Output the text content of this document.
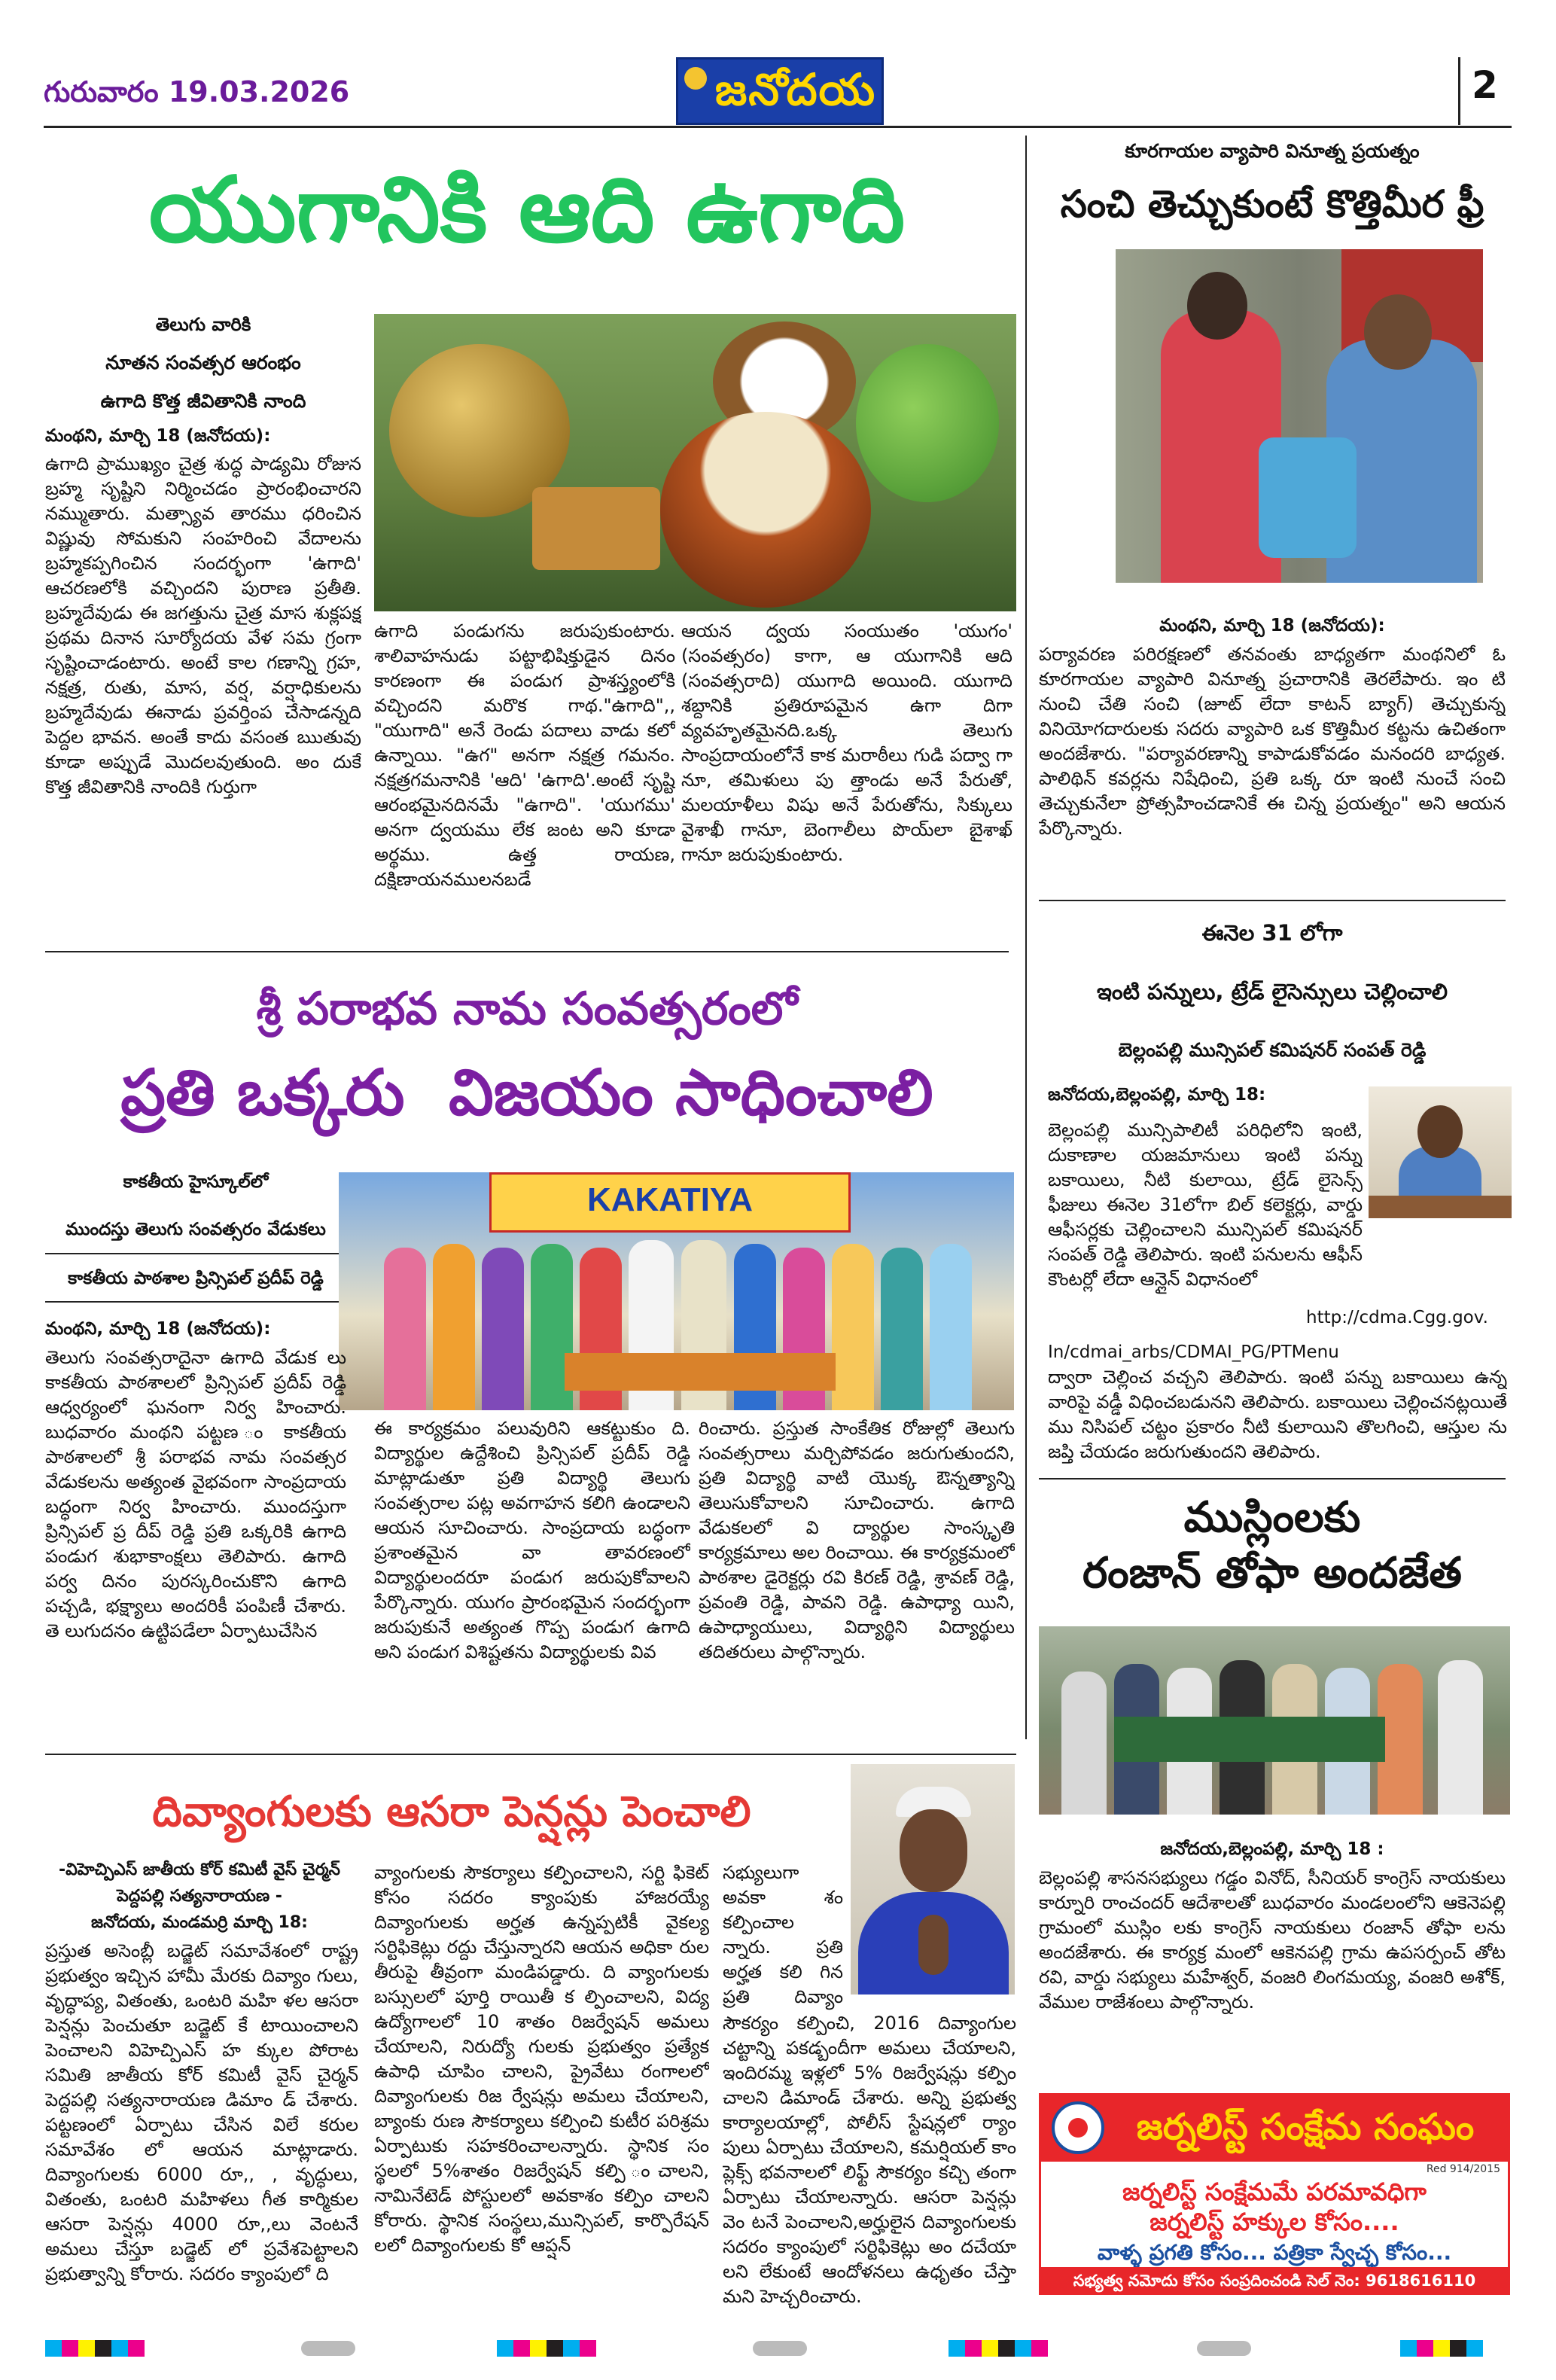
గురువారం 19.03.2026	జనోదయ	2
యుగానికి ఆది ఉగాది
తెలుగు వారికి
నూతన సంవత్సర ఆరంభం
ఉగాది కొత్త జీవితానికి నాంది
మంథని, మార్చి 18 (జనోదయ):
ఉగాది ప్రాముఖ్యం చైత్ర శుద్ధ పాడ్యమి రోజున బ్రహ్మ సృష్టిని నిర్మించడం ప్రారంభించారని నమ్ముతారు. మత్స్యావ తారము ధరించిన విష్ణువు సోమకుని సంహరించి వేదాలను బ్రహ్మకప్పగించిన సందర్భంగా 'ఉగాది' ఆచరణలోకి వచ్చిందని పురాణ ప్రతీతి. బ్రహ్మదేవుడు ఈ జగత్తును చైత్ర మాస శుక్లపక్ష ప్రథమ దినాన సూర్యోదయ వేళ సమ గ్రంగా సృష్టించాడంటారు. అంటే కాల గణాన్ని గ్రహ, నక్షత్ర, రుతు, మాస, వర్ష, వర్షాధికులను బ్రహ్మదేవుడు ఈనాడు ప్రవర్తింప చేసాడన్నది పెద్దల భావన. అంతే కాదు వసంత ఋతువు కూడా అప్పుడే మొదలవుతుంది. అం దుకే కొత్త జీవితానికి నాందికి గుర్తుగా
ఉగాది పండుగను జరుపుకుంటారు. శాలివాహనుడు పట్టాభిషిక్తుడైన దినం కారణంగా ఈ పండుగ ప్రాశస్త్యంలోకి వచ్చిందని మరొక గాథ."ఉగాది",, "యుగాది" అనే రెండు పదాలు వాడు కలో ఉన్నాయి. "ఉగ" అనగా నక్షత్ర గమనం. నక్షత్రగమనానికి 'ఆది' 'ఉగాది'.అంటే సృష్టి ఆరంభమైనదినమే "ఉగాది". 'యుగము' అనగా ద్వయము లేక జంట అని కూడా అర్థము. ఉత్త రాయణ, దక్షిణాయనములనబడే
ఆయన ద్వయ సంయుతం 'యుగం' (సంవత్సరం) కాగా, ఆ యుగానికి ఆది (సంవత్సరాది) యుగాది అయింది. యుగాది శబ్దానికి ప్రతిరూపమైన ఉగా దిగా వ్యవహృతమైనది.ఒక్క తెలుగు సాంప్రదాయంలోనే కాక మరాఠీలు గుడి పద్వా గా నూ, తమిళులు పు త్తాండు అనే పేరుతో, మలయాళీలు విషు అనే పేరుతోను, సిక్కులు వైశాఖీ గానూ, బెంగాలీలు పొయ్‌లా బైశాఖ్ గానూ జరుపుకుంటారు.
కూరగాయల వ్యాపారి వినూత్న ప్రయత్నం
సంచి తెచ్చుకుంటే కొత్తిమీర ఫ్రీ
మంథని, మార్చి 18 (జనోదయ):
పర్యావరణ పరిరక్షణలో తనవంతు బాధ్యతగా మంథనిలో ఓ కూరగాయల వ్యాపారి వినూత్న ప్రచారానికి తెరలేపారు. ఇం టి నుంచి చేతి సంచి (జూట్ లేదా కాటన్ బ్యాగ్) తెచ్చుకున్న వినియోగదారులకు సదరు వ్యాపారి ఒక కొత్తిమీర కట్టను ఉచితంగా అందజేశారు. "పర్యావరణాన్ని కాపాడుకోవడం మనందరి బాధ్యత. పాలిథిన్ కవర్లను నిషేధించి, ప్రతి ఒక్క రూ ఇంటి నుంచే సంచి తెచ్చుకునేలా ప్రోత్సహించడానికే ఈ చిన్న ప్రయత్నం" అని ఆయన పేర్కొన్నారు.
ఈనెల 31 లోగా
ఇంటి పన్నులు, ట్రేడ్ లైసెన్సులు చెల్లించాలి
బెల్లంపల్లి మున్సిపల్ కమిషనర్ సంపత్ రెడ్డి
జనోదయ,బెల్లంపల్లి, మార్చి 18:
బెల్లంపల్లి మున్సిపాలిటీ పరిధిలోని ఇంటి, దుకాణాల యజమానులు ఇంటి పన్ను బకాయిలు, నీటి కులాయి, ట్రేడ్ లైసెన్స్ ఫీజులు ఈనెల 31లోగా బిల్ కలెక్టర్లు, వార్డు ఆఫీసర్లకు చెల్లించాలని మున్సిపల్ కమిషనర్ సంపత్ రెడ్డి తెలిపారు. ఇంటి పనులను ఆఫీస్ కౌంటర్లో లేదా ఆన్లైన్ విధానంలో
http://cdma.Cgg.gov.
In/cdmai_arbs/CDMAI_PG/PTMenu
ద్వారా చెల్లించ వచ్చని తెలిపారు. ఇంటి పన్ను బకాయిలు ఉన్న వారిపై వడ్డీ విధించబడునని తెలిపారు. బకాయిలు చెల్లించనట్లయితే ము నిసిపల్ చట్టం ప్రకారం నీటి కులాయిని తొలగించి, ఆస్తుల ను జప్తి చేయడం జరుగుతుందని తెలిపారు.
ముస్లింలకు
రంజాన్ తోఫా అందజేత
జనోదయ,బెల్లంపల్లి, మార్చి 18 :
బెల్లంపల్లి శాసనసభ్యులు గడ్డం వినోద్, సీనియర్ కాంగ్రెస్ నాయకులు కార్నూరి రాంచందర్ ఆదేశాలతో బుధవారం మండలంలోని ఆకెనెపల్లి గ్రామంలో ముస్లిం లకు కాంగ్రెస్ నాయకులు రంజాన్ తోఫా లను అందజేశారు. ఈ కార్యక్ర మంలో ఆకెనపల్లి గ్రామ ఉపసర్పంచ్ తోట రవి, వార్డు సభ్యులు మహేశ్వర్, వంజరి లింగమయ్య, వంజరి అశోక్, వేముల రాజేశంలు పాల్గొన్నారు.
శ్రీ పరాభవ నామ సంవత్సరంలో
ప్రతి ఒక్కరు  విజయం సాధించాలి
కాకతీయ హైస్కూల్‌లో
ముందస్తు తెలుగు సంవత్సరం వేడుకలు
కాకతీయ పాఠశాల ప్రిన్సిపల్ ప్రదీప్ రెడ్డి
మంథని, మార్చి 18 (జనోదయ):
KAKATIYA
తెలుగు సంవత్సరాదైనా ఉగాది వేడుక లు కాకతీయ పాఠశాలలో ప్రిన్సిపల్ ప్రదీప్ రెడ్డి ఆధ్వర్యంలో ఘనంగా నిర్వ హించారు. బుధవారం మంథని పట్టణ ం కాకతీయ పాఠశాలలో శ్రీ పరాభవ నామ సంవత్సర వేడుకలను అత్యంత వైభవంగా సాంప్రదాయ బద్ధంగా నిర్వ హించారు. ముందస్తుగా ప్రిన్సిపల్ ప్ర దీప్ రెడ్డి ప్రతి ఒక్కరికి ఉగాది పండుగ శుభాకాంక్షలు తెలిపారు. ఉగాది పర్వ దినం పురస్కరించుకొని ఉగాది పచ్చడి, భక్ష్యాలు అందరికీ పంపిణీ చేశారు. తె లుగుదనం ఉట్టిపడేలా ఏర్పాటుచేసిన
ఈ కార్యక్రమం పలువురిని ఆకట్టుకుం ది. విద్యార్థుల ఉద్దేశించి ప్రిన్సిపల్ ప్రదీప్ రెడ్డి మాట్లాడుతూ ప్రతి విద్యార్థి తెలుగు సంవత్సరాల పట్ల అవగాహన కలిగి ఉండాలని ఆయన సూచించారు. సాంప్రదాయ బద్ధంగా ప్రశాంతమైన వా తావరణంలో విద్యార్థులందరూ పండుగ జరుపుకోవాలని పేర్కొన్నారు. యుగం ప్రారంభమైన సందర్భంగా జరుపుకునే అత్యంత గొప్ప పండుగ ఉగాది అని పండుగ విశిష్టతను విద్యార్థులకు వివ
రించారు. ప్రస్తుత సాంకేతిక రోజుల్లో తెలుగు సంవత్సరాలు మర్చిపోవడం జరుగుతుందని, ప్రతి విద్యార్థి వాటి యొక్క ఔన్నత్యాన్ని తెలుసుకోవాలని సూచించారు. ఉగాది వేడుకలలో వి ద్యార్థుల సాంస్కృతి కార్యక్రమాలు అల రించాయి. ఈ కార్యక్రమంలో పాఠశాల డైరెక్టర్లు రవి కిరణ్ రెడ్డి, శ్రావణ్ రెడ్డి, ప్రవంతి రెడ్డి, పావని రెడ్డి. ఉపాధ్యా యిని, ఉపాధ్యాయులు, విద్యార్థిని విద్యార్థులు తదితరులు పాల్గొన్నారు.
దివ్యాంగులకు ఆసరా పెన్షన్లు పెంచాలి
-విహెచ్పిఎస్ జాతీయ కోర్ కమిటీ వైస్ చైర్మన్
పెద్దపల్లి సత్యనారాయణ -
జనోదయ, మండమర్రి మార్చి 18:
ప్రస్తుత అసెంబ్లీ బడ్జెట్ సమావేశంలో రాష్ట్ర ప్రభుత్వం ఇచ్చిన హామీ మేరకు దివ్యాం గులు, వృద్ధాప్య, వితంతు, ఒంటరి మహి ళల ఆసరా పెన్షన్లు పెంచుతూ బడ్జెట్ కే టాయించాలని పెంచాలని విహెచ్పిఎస్ హ క్కుల పోరాట సమితి జాతీయ కోర్ కమిటీ వైస్ చైర్మన్ పెద్దపల్లి సత్యనారాయణ డిమాం డ్ చేశారు. పట్టణంలో ఏర్పాటు చేసిన విలే కరుల సమావేశం లో ఆయన మాట్లాడారు. దివ్యాంగులకు 6000 రూ,, , వృద్ధులు, వితంతు, ఒంటరి మహిళలు గీత కార్మికుల ఆసరా పెన్షన్లు 4000 రూ,,లు వెంటనే అమలు చేస్తూ బడ్జెట్ లో ప్రవేశపెట్టాలని ప్రభుత్వాన్ని కోరారు. సదరం క్యాంపులో ది
వ్యాంగులకు సౌకర్యాలు కల్పించాలని, సర్టి ఫికెట్ కోసం సదరం క్యాంపుకు హాజరయ్యే దివ్యాంగులకు అర్హత ఉన్నప్పటికీ వైకల్య సర్టిఫికెట్లు రద్దు చేస్తున్నారని ఆయన అధికా రుల తీరుపై తీవ్రంగా మండిపడ్డారు. ది వ్యాంగులకు బస్సులలో పూర్తి రాయితీ క ల్పించాలని, విద్య ఉద్యోగాలలో 10 శాతం రిజర్వేషన్ అమలు చేయాలని, నిరుద్యో గులకు ప్రభుత్వం ప్రత్యేక ఉపాధి చూపిం చాలని, ప్రైవేటు రంగాలలో దివ్యాంగులకు రిజ ర్వేషన్లు అమలు చేయాలని, బ్యాంకు రుణ సౌకర్యాలు కల్పించి కుటీర పరిశ్రమ ఏర్పాటుకు సహకరించాలన్నారు. స్థానిక సం స్థలలో 5%శాతం రిజర్వేషన్ కల్పి ంచాలని, నామినేటెడ్ పోస్టులలో అవకాశం కల్పిం చాలని కోరారు. స్థానిక సంస్థలు,మున్సిపల్, కార్పొరేషన్ లలో దివ్యాంగులకు కో ఆప్షన్
సభ్యులుగా అవకా శం కల్పించాల న్నారు. ప్రతి అర్హత కలి గిన ప్రతి దివ్యాం
సౌకర్యం కల్పించి, 2016 దివ్యాంగుల చట్టాన్ని పకడ్బందీగా అమలు చేయాలని, ఇందిరమ్మ ఇళ్లలో 5% రిజర్వేషన్లు కల్పిం చాలని డిమాండ్ చేశారు. అన్ని ప్రభుత్వ కార్యాలయాల్లో, పోలీస్ స్టేషన్లలో ర్యాం పులు ఏర్పాటు చేయాలని, కమర్షియల్ కాం ప్లెక్స్ భవనాలలో లిఫ్ట్ సౌకర్యం కచ్చి తంగా ఏర్పాటు చేయాలన్నారు. ఆసరా పెన్షన్లు వెం టనే పెంచాలని,అర్హులైన దివ్యాంగులకు సదరం క్యాంపులో సర్టిఫికెట్లు అం దచేయా లని లేకుంటే ఆందోళనలు ఉధృతం చేస్తా మని హెచ్చరించారు.
జర్నలిస్ట్ సంక్షేమ సంఘం
Red 914/2015
జర్నలిస్ట్ సంక్షేమమే పరమావధిగా
జర్నలిస్ట్ హక్కుల కోసం....
వాళ్ళ ప్రగతి కోసం... పత్రికా స్వేచ్ఛ కోసం...
సభ్యత్వ నమోదు కోసం సంప్రదించండి సెల్ నెం: 9618616110
